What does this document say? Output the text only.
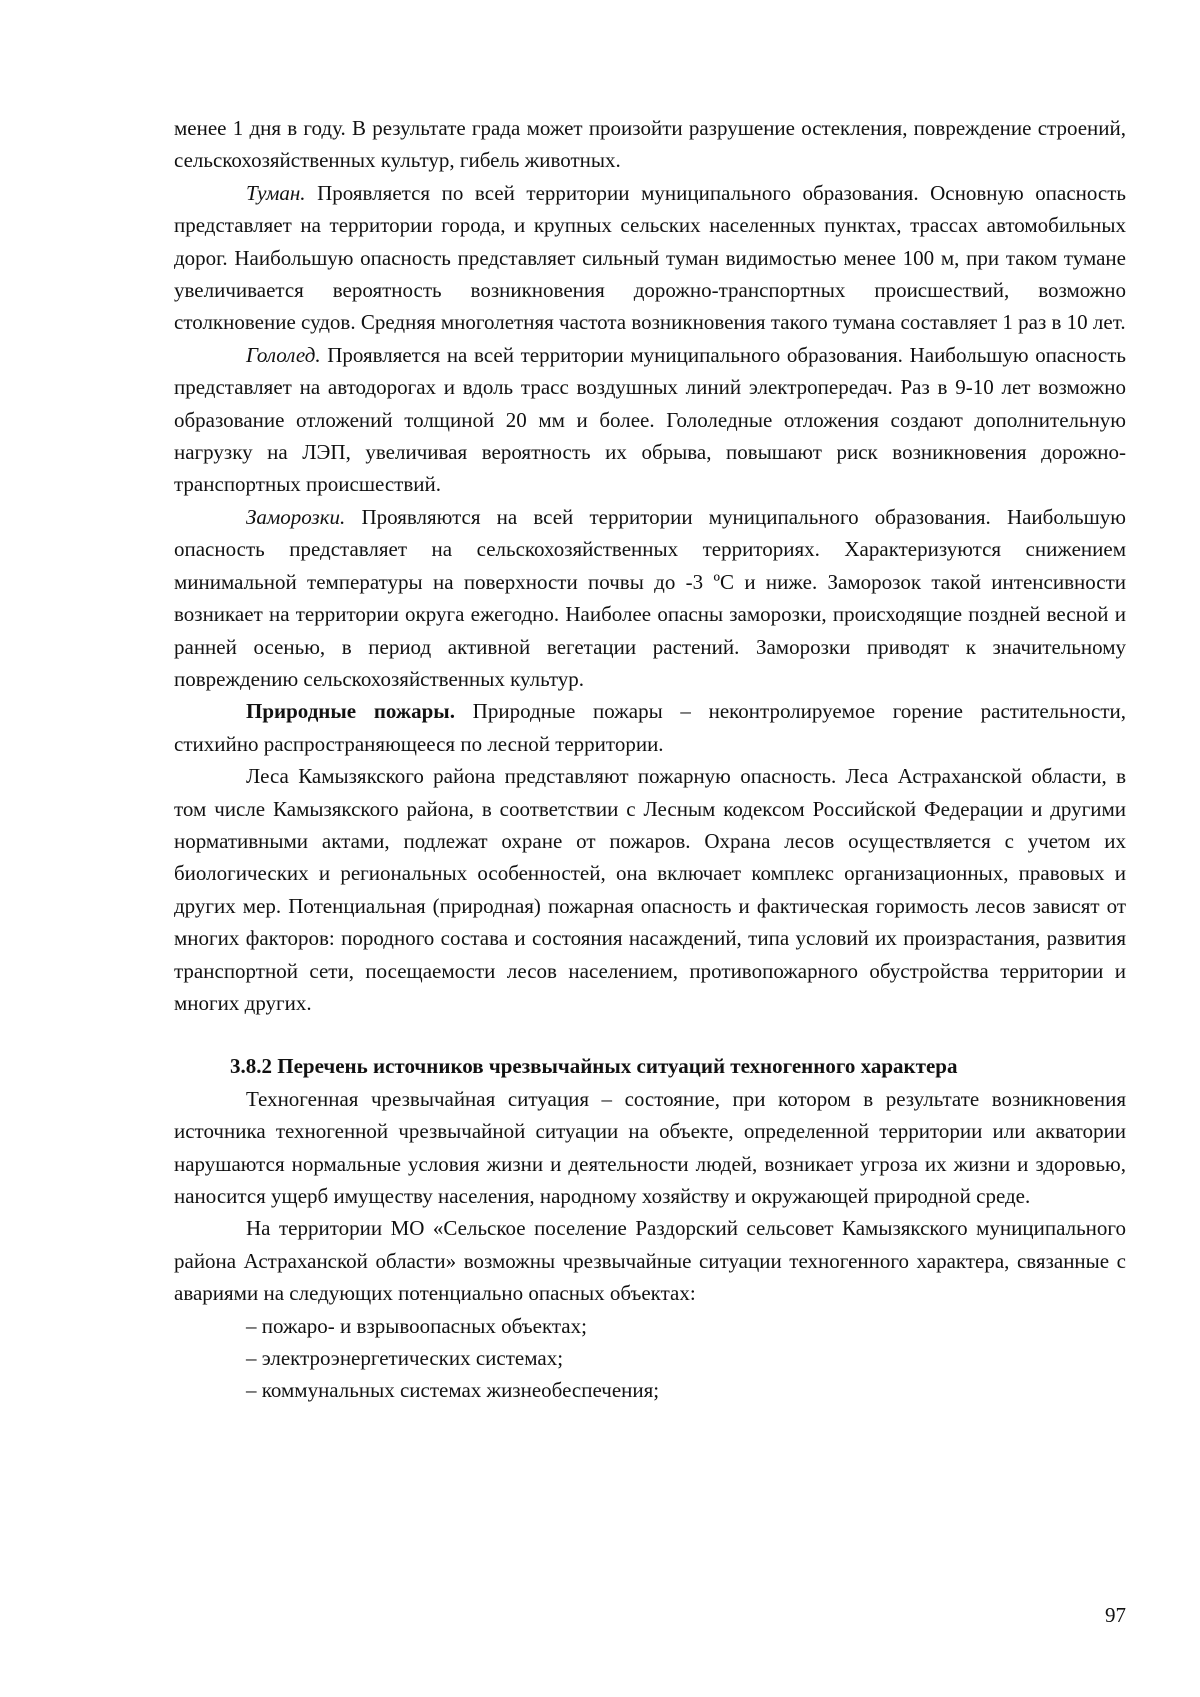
менее 1 дня в году. В результате града может произойти разрушение остекления, повреждение строений, сельскохозяйственных культур, гибель животных.

Туман. Проявляется по всей территории муниципального образования. Основную опасность представляет на территории города, и крупных сельских населенных пунктах, трассах автомобильных дорог. Наибольшую опасность представляет сильный туман видимостью менее 100 м, при таком тумане увеличивается вероятность возникновения дорожно-транспортных происшествий, возможно столкновение судов. Средняя многолетняя частота возникновения такого тумана составляет 1 раз в 10 лет.

Гололед. Проявляется на всей территории муниципального образования. Наибольшую опасность представляет на автодорогах и вдоль трасс воздушных линий электропередач. Раз в 9-10 лет возможно образование отложений толщиной 20 мм и более. Гололедные отложения создают дополнительную нагрузку на ЛЭП, увеличивая вероятность их обрыва, повышают риск возникновения дорожно-транспортных происшествий.

Заморозки. Проявляются на всей территории муниципального образования. Наибольшую опасность представляет на сельскохозяйственных территориях. Характеризуются снижением минимальной температуры на поверхности почвы до -3 ºС и ниже. Заморозок такой интенсивности возникает на территории округа ежегодно. Наиболее опасны заморозки, происходящие поздней весной и ранней осенью, в период активной вегетации растений. Заморозки приводят к значительному повреждению сельскохозяйственных культур.

Природные пожары. Природные пожары – неконтролируемое горение растительности, стихийно распространяющееся по лесной территории.

Леса Камызякского района представляют пожарную опасность. Леса Астраханской области, в том числе Камызякского района, в соответствии с Лесным кодексом Российской Федерации и другими нормативными актами, подлежат охране от пожаров. Охрана лесов осуществляется с учетом их биологических и региональных особенностей, она включает комплекс организационных, правовых и других мер. Потенциальная (природная) пожарная опасность и фактическая горимость лесов зависят от многих факторов: породного состава и состояния насаждений, типа условий их произрастания, развития транспортной сети, посещаемости лесов населением, противопожарного обустройства территории и многих других.

3.8.2 Перечень источников чрезвычайных ситуаций техногенного характера

Техногенная чрезвычайная ситуация – состояние, при котором в результате возникновения источника техногенной чрезвычайной ситуации на объекте, определенной территории или акватории нарушаются нормальные условия жизни и деятельности людей, возникает угроза их жизни и здоровью, наносится ущерб имуществу населения, народному хозяйству и окружающей природной среде.

На территории МО «Сельское поселение Раздорский сельсовет Камызякского муниципального района Астраханской области» возможны чрезвычайные ситуации техногенного характера, связанные с авариями на следующих потенциально опасных объектах:

– пожаро- и взрывоопасных объектах;
– электроэнергетических системах;
– коммунальных системах жизнеобеспечения;
97
